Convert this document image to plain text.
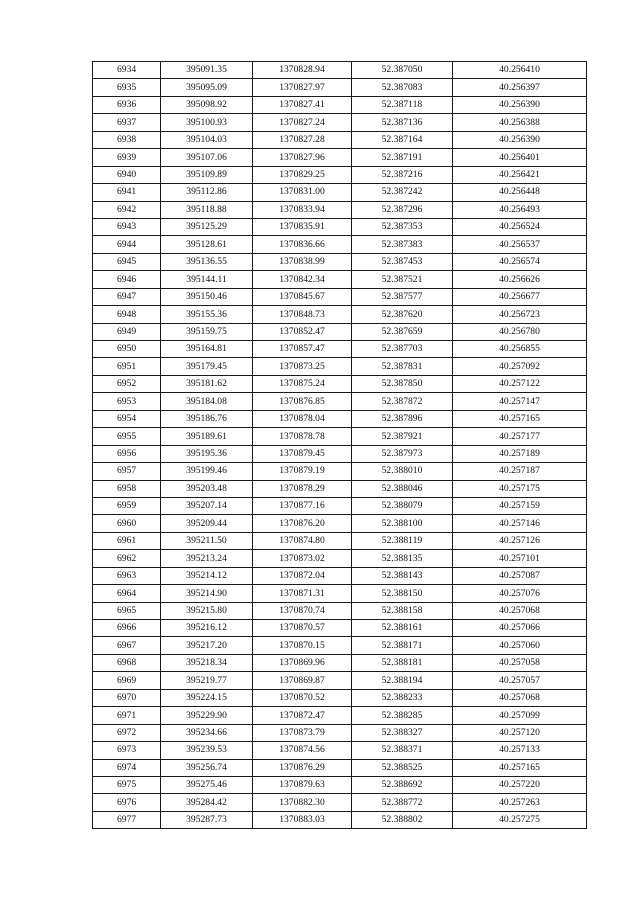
6934	395091.35	1370828.94	52.387050	40.256410
6935	395095.09	1370827.97	52.387083	40.256397
6936	395098.92	1370827.41	52.387118	40.256390
6937	395100.93	1370827.24	52.387136	40.256388
6938	395104.03	1370827.28	52.387164	40.256390
6939	395107.06	1370827.96	52.387191	40.256401
6940	395109.89	1370829.25	52.387216	40.256421
6941	395112.86	1370831.00	52.387242	40.256448
6942	395118.88	1370833.94	52.387296	40.256493
6943	395125.29	1370835.91	52.387353	40.256524
6944	395128.61	1370836.66	52.387383	40.256537
6945	395136.55	1370838.99	52.387453	40.256574
6946	395144.11	1370842.34	52.387521	40.256626
6947	395150.46	1370845.67	52.387577	40.256677
6948	395155.36	1370848.73	52.387620	40.256723
6949	395159.75	1370852.47	52.387659	40.256780
6950	395164.81	1370857.47	52.387703	40.256855
6951	395179.45	1370873.25	52.387831	40.257092
6952	395181.62	1370875.24	52.387850	40.257122
6953	395184.08	1370876.85	52.387872	40.257147
6954	395186.76	1370878.04	52.387896	40.257165
6955	395189.61	1370878.78	52.387921	40.257177
6956	395195.36	1370879.45	52.387973	40.257189
6957	395199.46	1370879.19	52.388010	40.257187
6958	395203.48	1370878.29	52.388046	40.257175
6959	395207.14	1370877.16	52.388079	40.257159
6960	395209.44	1370876.20	52.388100	40.257146
6961	395211.50	1370874.80	52.388119	40.257126
6962	395213.24	1370873.02	52.388135	40.257101
6963	395214.12	1370872.04	52.388143	40.257087
6964	395214.90	1370871.31	52.388150	40.257076
6965	395215.80	1370870.74	52.388158	40.257068
6966	395216.12	1370870.57	52.388161	40.257066
6967	395217.20	1370870.15	52.388171	40.257060
6968	395218.34	1370869.96	52.388181	40.257058
6969	395219.77	1370869.87	52.388194	40.257057
6970	395224.15	1370870.52	52.388233	40.257068
6971	395229.90	1370872.47	52.388285	40.257099
6972	395234.66	1370873.79	52.388327	40.257120
6973	395239.53	1370874.56	52.388371	40.257133
6974	395256.74	1370876.29	52.388525	40.257165
6975	395275.46	1370879.63	52.388692	40.257220
6976	395284.42	1370882.30	52.388772	40.257263
6977	395287.73	1370883.03	52.388802	40.257275
